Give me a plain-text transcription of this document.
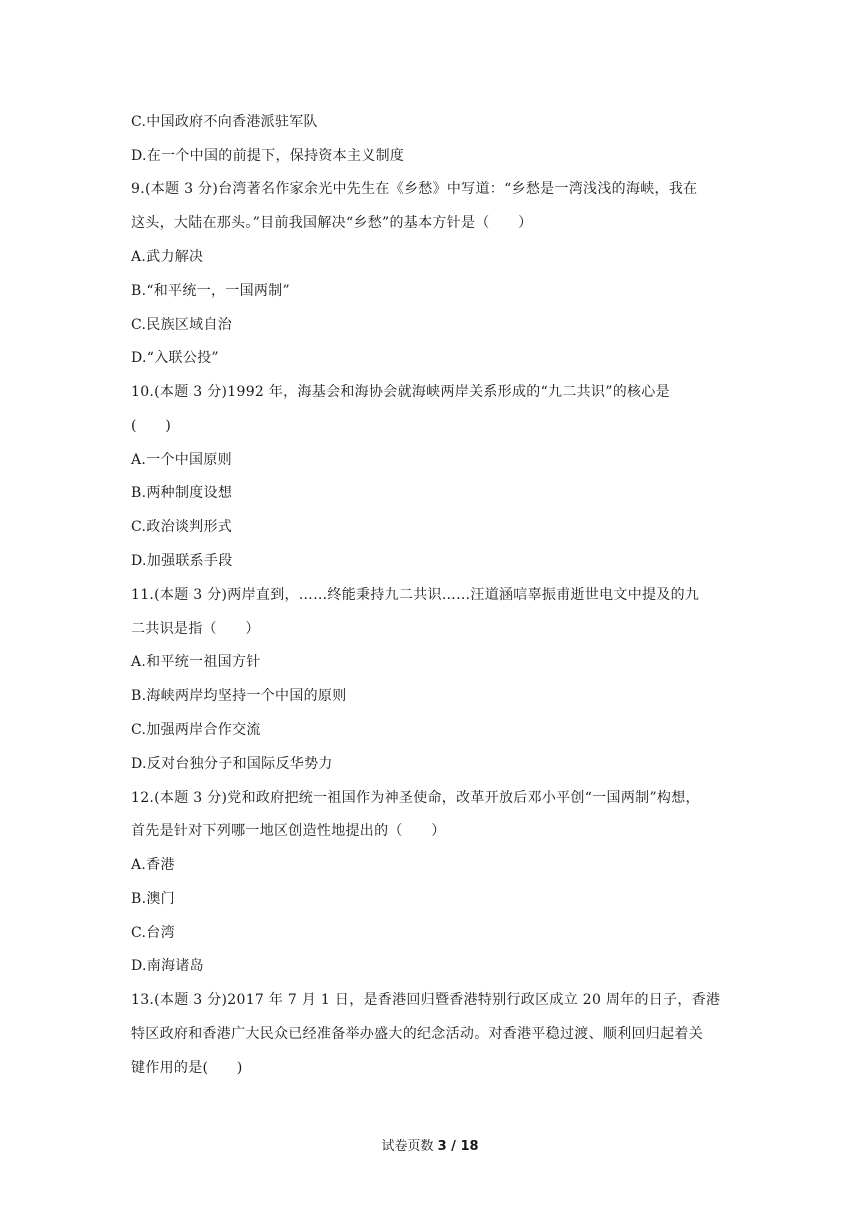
C.中国政府不向香港派驻军队
D.在一个中国的前提下，保持资本主义制度
9.(本题 3 分)台湾著名作家余光中先生在《乡愁》中写道：“乡愁是一湾浅浅的海峡，我在
这头，大陆在那头。”目前我国解决“乡愁”的基本方针是（　　）
A.武力解决
B.“和平统一，一国两制”
C.民族区域自治
D.“入联公投”
10.(本题 3 分)1992 年，海基会和海协会就海峡两岸关系形成的“九二共识”的核心是
(　　)
A.一个中国原则
B.两种制度设想
C.政治谈判形式
D.加强联系手段
11.(本题 3 分)两岸直到，……终能秉持九二共识……汪道涵唁辜振甫逝世电文中提及的九
二共识是指（　　）
A.和平统一祖国方针
B.海峡两岸均坚持一个中国的原则
C.加强两岸合作交流
D.反对台独分子和国际反华势力
12.(本题 3 分)党和政府把统一祖国作为神圣使命，改革开放后邓小平创“一国两制”构想，
首先是针对下列哪一地区创造性地提出的（　　）
A.香港
B.澳门
C.台湾
D.南海诸岛
13.(本题 3 分)2017 年 7 月 1 日，是香港回归暨香港特别行政区成立 20 周年的日子，香港
特区政府和香港广大民众已经准备举办盛大的纪念活动。对香港平稳过渡、顺利回归起着关
键作用的是(　　)
试卷页数 3 / 18
